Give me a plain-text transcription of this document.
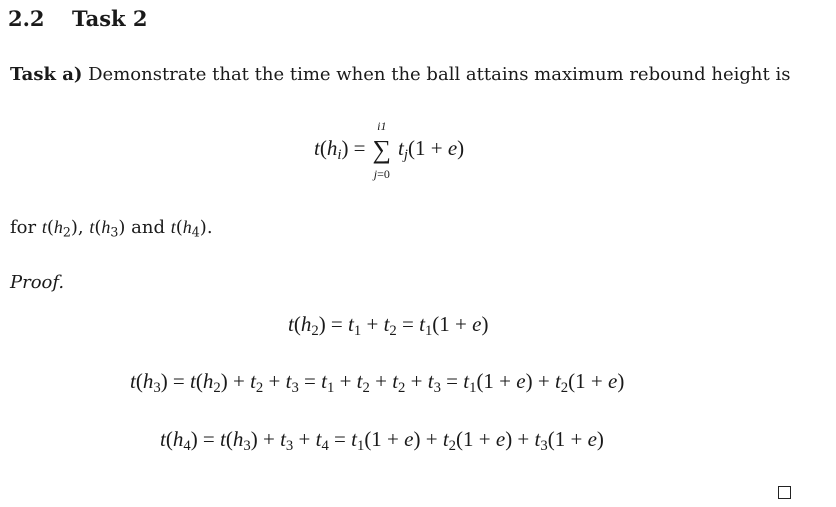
2.2 Task 2
Task a) Demonstrate that the time when the ball attains maximum rebound height is
$t(h_i)$ =
i1
∑
j=0
$t_j(1 + e)$
for $t(h_2)$, $t(h_3)$ and $t(h_4)$.
Proof.
$t(h_2) = t_1 + t_2 = t_1(1 + e)$
$t(h_3) = t(h_2) + t_2 + t_3 = t_1 + t_2 + t_2 + t_3 = t_1(1 + e) + t_2(1 + e)$
$t(h_4) = t(h_3) + t_3 + t_4 = t_1(1 + e) + t_2(1 + e) + t_3(1 + e)$
